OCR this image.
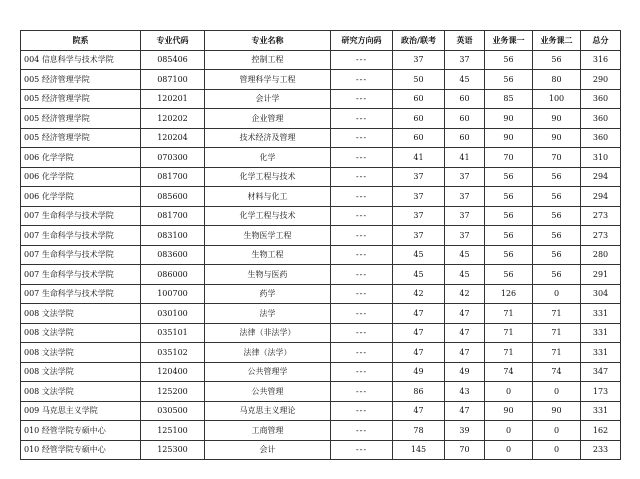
院系	专业代码	专业名称	研究方向码	政治/联考	英语	业务课一	业务课二	总分
004 信息科学与技术学院	085406	控制工程	---	37	37	56	56	316
005 经济管理学院	087100	管理科学与工程	---	50	45	56	80	290
005 经济管理学院	120201	会计学	---	60	60	85	100	360
005 经济管理学院	120202	企业管理	---	60	60	90	90	360
005 经济管理学院	120204	技术经济及管理	---	60	60	90	90	360
006 化学学院	070300	化学	---	41	41	70	70	310
006 化学学院	081700	化学工程与技术	---	37	37	56	56	294
006 化学学院	085600	材料与化工	---	37	37	56	56	294
007 生命科学与技术学院	081700	化学工程与技术	---	37	37	56	56	273
007 生命科学与技术学院	083100	生物医学工程	---	37	37	56	56	273
007 生命科学与技术学院	083600	生物工程	---	45	45	56	56	280
007 生命科学与技术学院	086000	生物与医药	---	45	45	56	56	291
007 生命科学与技术学院	100700	药学	---	42	42	126	0	304
008 文法学院	030100	法学	---	47	47	71	71	331
008 文法学院	035101	法律（非法学）	---	47	47	71	71	331
008 文法学院	035102	法律（法学）	---	47	47	71	71	331
008 文法学院	120400	公共管理学	---	49	49	74	74	347
008 文法学院	125200	公共管理	---	86	43	0	0	173
009 马克思主义学院	030500	马克思主义理论	---	47	47	90	90	331
010 经管学院专硕中心	125100	工商管理	---	78	39	0	0	162
010 经管学院专硕中心	125300	会计	---	145	70	0	0	233
